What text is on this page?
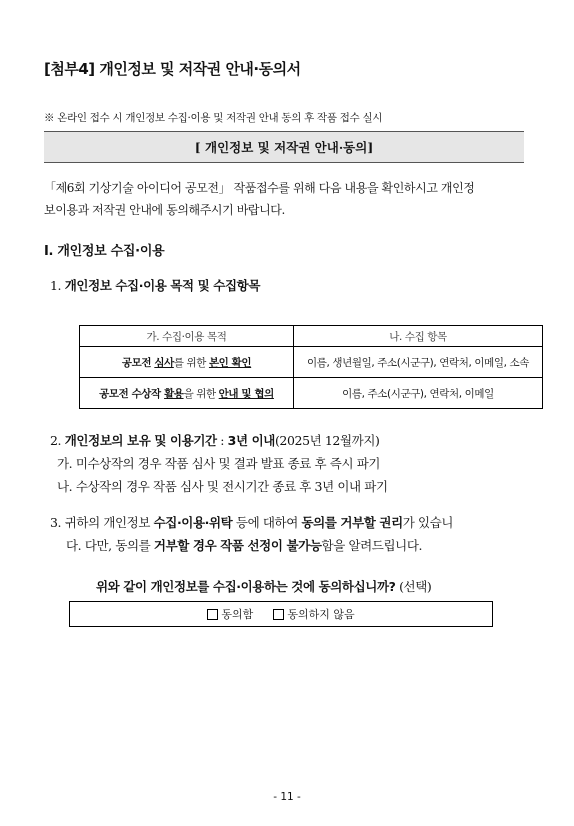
[첨부4] 개인정보 및 저작권 안내·동의서
※ 온라인 접수 시 개인정보 수집·이용 및 저작권 안내 동의 후 작품 접수 실시
[ 개인정보 및 저작권 안내·동의]
「제6회 기상기술 아이디어 공모전」 작품접수를 위해 다음 내용을 확인하시고 개인정
보이용과 저작권 안내에 동의해주시기 바랍니다.
Ⅰ. 개인정보 수집·이용
1. 개인정보 수집·이용 목적 및 수집항목
가. 수집·이용 목적	나. 수집 항목
공모전 심사를 위한 본인 확인	이름, 생년월일, 주소(시군구), 연락처, 이메일, 소속
공모전 수상작 활용을 위한 안내 및 협의	이름, 주소(시군구), 연락처, 이메일
2. 개인정보의 보유 및 이용기간 : 3년 이내(2025년 12월까지)
가. 미수상작의 경우 작품 심사 및 결과 발표 종료 후 즉시 파기
나. 수상작의 경우 작품 심사 및 전시기간 종료 후 3년 이내 파기
3. 귀하의 개인정보 수집·이용·위탁 등에 대하여 동의를 거부할 권리가 있습니
다. 다만, 동의를 거부할 경우 작품 선정이 불가능함을 알려드립니다.
위와 같이 개인정보를 수집·이용하는 것에 동의하십니까? (선택)
동의함	동의하지 않음
- 11 -
